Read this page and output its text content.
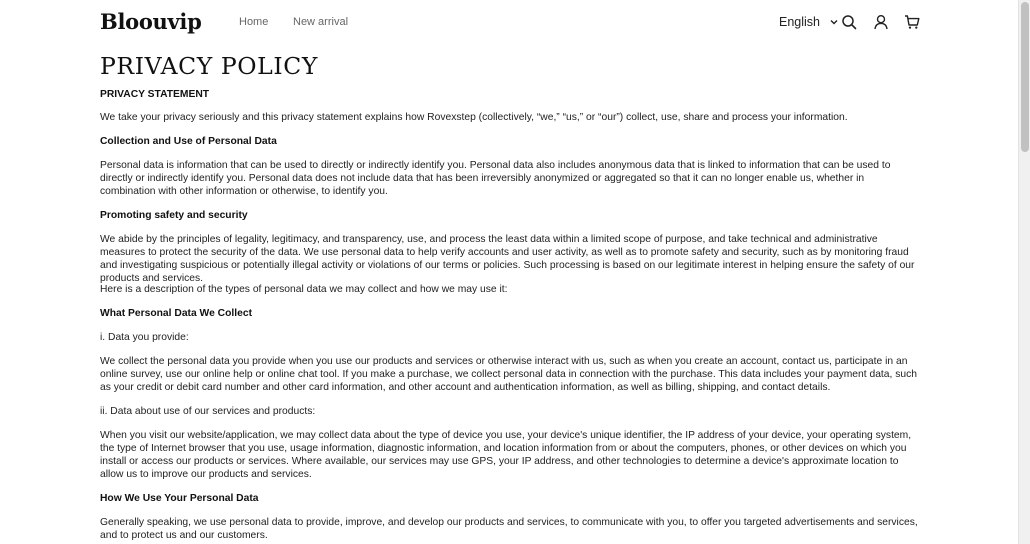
Bloouvip	Home New arrival	English
PRIVACY POLICY
PRIVACY STATEMENT
We take your privacy seriously and this privacy statement explains how Rovexstep (collectively, “we,” “us,” or “our”) collect, use, share and process your information.
Collection and Use of Personal Data
Personal data is information that can be used to directly or indirectly identify you. Personal data also includes anonymous data that is linked to information that can be used to directly or indirectly identify you. Personal data does not include data that has been irreversibly anonymized or aggregated so that it can no longer enable us, whether in combination with other information or otherwise, to identify you.
Promoting safety and security
We abide by the principles of legality, legitimacy, and transparency, use, and process the least data within a limited scope of purpose, and take technical and administrative measures to protect the security of the data. We use personal data to help verify accounts and user activity, as well as to promote safety and security, such as by monitoring fraud and investigating suspicious or potentially illegal activity or violations of our terms or policies. Such processing is based on our legitimate interest in helping ensure the safety of our products and services.
Here is a description of the types of personal data we may collect and how we may use it:
What Personal Data We Collect
i. Data you provide:
We collect the personal data you provide when you use our products and services or otherwise interact with us, such as when you create an account, contact us, participate in an online survey, use our online help or online chat tool. If you make a purchase, we collect personal data in connection with the purchase. This data includes your payment data, such as your credit or debit card number and other card information, and other account and authentication information, as well as billing, shipping, and contact details.
ii. Data about use of our services and products:
When you visit our website/application, we may collect data about the type of device you use, your device's unique identifier, the IP address of your device, your operating system, the type of Internet browser that you use, usage information, diagnostic information, and location information from or about the computers, phones, or other devices on which you install or access our products or services. Where available, our services may use GPS, your IP address, and other technologies to determine a device's approximate location to allow us to improve our products and services.
How We Use Your Personal Data
Generally speaking, we use personal data to provide, improve, and develop our products and services, to communicate with you, to offer you targeted advertisements and services, and to protect us and our customers.
